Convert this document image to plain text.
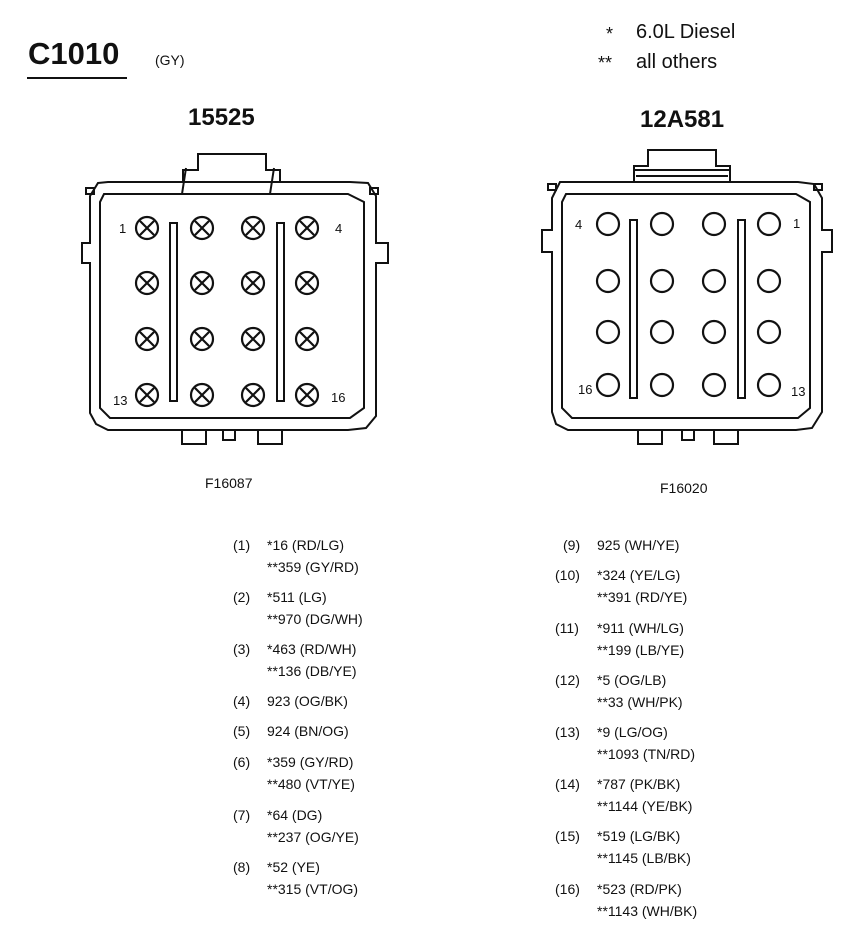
C1010	(GY)
* 6.0L Diesel
** all others
15525	12A581
1	4
13	16
F16087
4	1
16	13
F16020
(1) *16 (RD/LG)
**359 (GY/RD)
(2) *511 (LG)
**970 (DG/WH)
(3) *463 (RD/WH)
**136 (DB/YE)
(4) 923 (OG/BK)
(5) 924 (BN/OG)
(6) *359 (GY/RD)
**480 (VT/YE)
(7) *64 (DG)
**237 (OG/YE)
(8) *52 (YE)
**315 (VT/OG)
(9) 925 (WH/YE)
(10) *324 (YE/LG)
**391 (RD/YE)
(11) *911 (WH/LG)
**199 (LB/YE)
(12) *5 (OG/LB)
**33 (WH/PK)
(13) *9 (LG/OG)
**1093 (TN/RD)
(14) *787 (PK/BK)
**1144 (YE/BK)
(15) *519 (LG/BK)
**1145 (LB/BK)
(16) *523 (RD/PK)
**1143 (WH/BK)
